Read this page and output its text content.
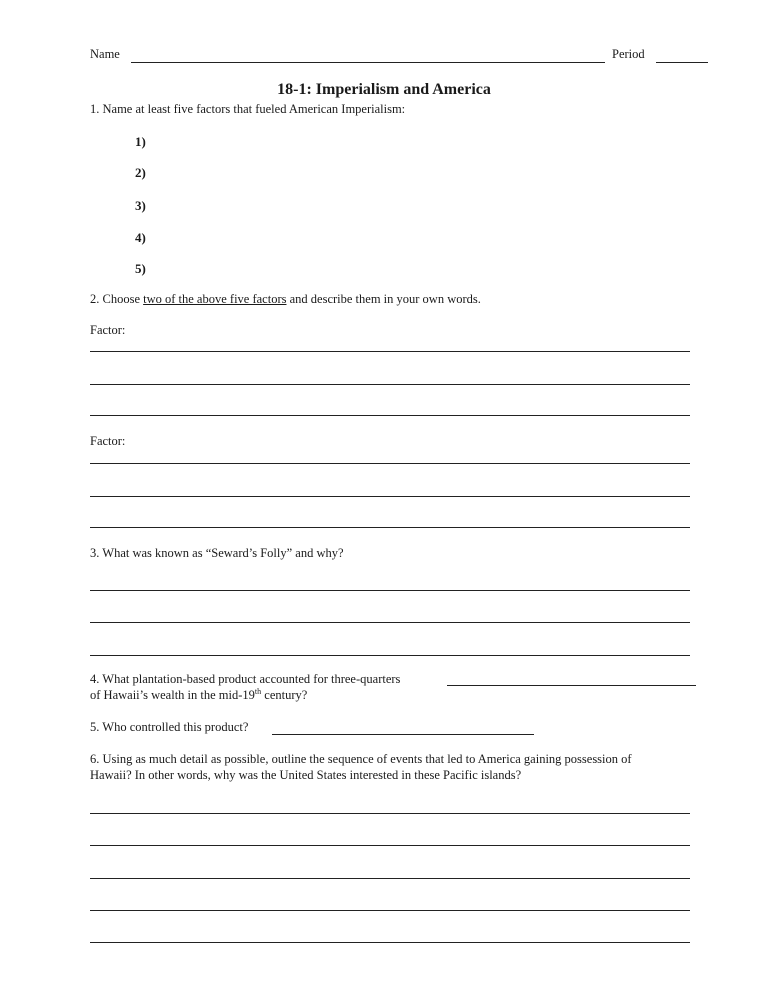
Name	Period
18-1: Imperialism and America
1. Name at least five factors that fueled American Imperialism:
1)
2)
3)
4)
5)
2. Choose two of the above five factors and describe them in your own words.
Factor:
Factor:
3. What was known as “Seward’s Folly” and why?
4. What plantation-based product accounted for three-quarters
of Hawaii’s wealth in the mid-19th century?
5. Who controlled this product?
6. Using as much detail as possible, outline the sequence of events that led to America gaining possession of
Hawaii? In other words, why was the United States interested in these Pacific islands?
